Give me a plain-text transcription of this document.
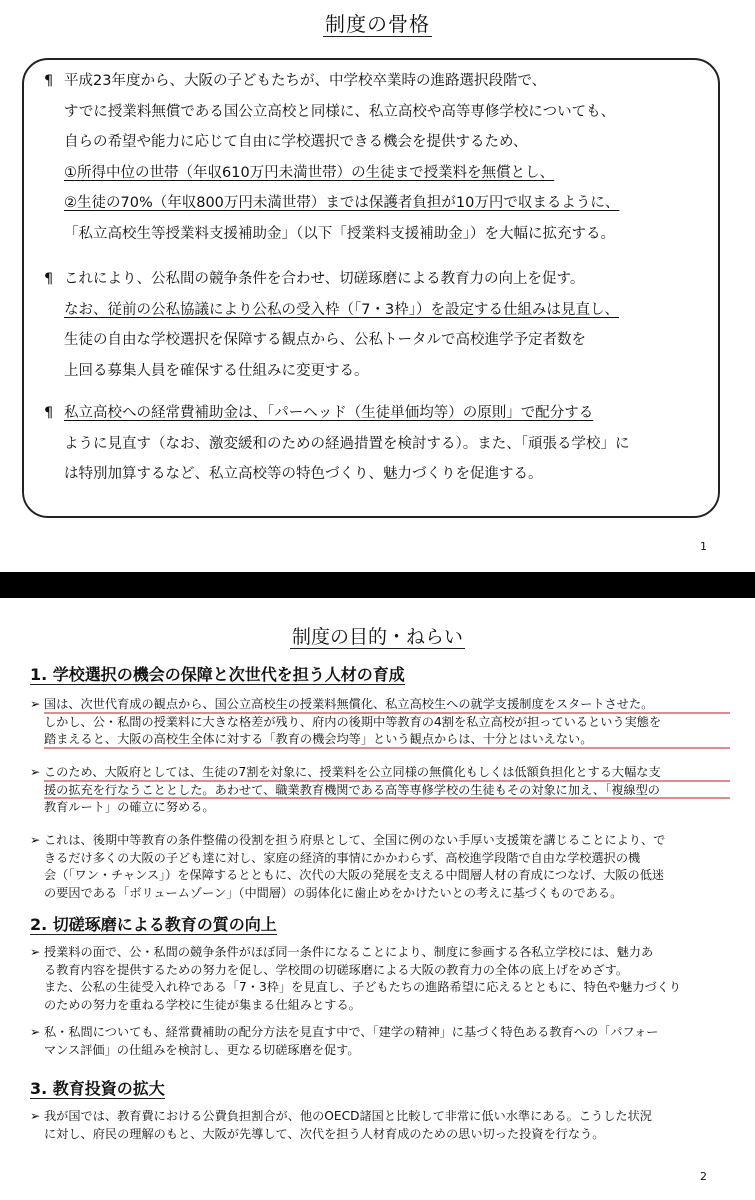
制度の骨格
¶ 平成23年度から、大阪の子どもたちが、中学校卒業時の進路選択段階で、
すでに授業料無償である国公立高校と同様に、私立高校や高等専修学校についても、
自らの希望や能力に応じて自由に学校選択できる機会を提供するため、
①所得中位の世帯（年収610万円未満世帯）の生徒まで授業料を無償とし、
②生徒の70%（年収800万円未満世帯）までは保護者負担が10万円で収まるように、
「私立高校生等授業料支援補助金」（以下「授業料支援補助金」）を大幅に拡充する。
¶ これにより、公私間の競争条件を合わせ、切磋琢磨による教育力の向上を促す。
なお、従前の公私協議により公私の受入枠（「7・3枠」）を設定する仕組みは見直し、
生徒の自由な学校選択を保障する観点から、公私トータルで高校進学予定者数を
上回る募集人員を確保する仕組みに変更する。
¶ 私立高校への経常費補助金は、「パーヘッド（生徒単価均等）の原則」で配分する
ように見直す（なお、激変緩和のための経過措置を検討する）。また、「頑張る学校」に
は特別加算するなど、私立高校等の特色づくり、魅力づくりを促進する。
1
制度の目的・ねらい
1. 学校選択の機会の保障と次世代を担う人材の育成
➢ 国は、次世代育成の観点から、国公立高校生の授業料無償化、私立高校生への就学支援制度をスタートさせた。
しかし、公・私間の授業料に大きな格差が残り、府内の後期中等教育の4割を私立高校が担っているという実態を
踏まえると、大阪の高校生全体に対する「教育の機会均等」という観点からは、十分とはいえない。
➢ このため、大阪府としては、生徒の7割を対象に、授業料を公立同様の無償化もしくは低額負担化とする大幅な支
援の拡充を行なうこととした。あわせて、職業教育機関である高等専修学校の生徒もその対象に加え、「複線型の
教育ルート」の確立に努める。
➢ これは、後期中等教育の条件整備の役割を担う府県として、全国に例のない手厚い支援策を講じることにより、で
きるだけ多くの大阪の子ども達に対し、家庭の経済的事情にかかわらず、高校進学段階で自由な学校選択の機
会（「ワン・チャンス」）を保障するとともに、次代の大阪の発展を支える中間層人材の育成につなげ、大阪の低迷
の要因である「ボリュームゾーン」（中間層）の弱体化に歯止めをかけたいとの考えに基づくものである。
2. 切磋琢磨による教育の質の向上
➢ 授業料の面で、公・私間の競争条件がほぼ同一条件になることにより、制度に参画する各私立学校には、魅力あ
る教育内容を提供するための努力を促し、学校間の切磋琢磨による大阪の教育力の全体の底上げをめざす。
また、公私の生徒受入れ枠である「7・3枠」を見直し、子どもたちの進路希望に応えるとともに、特色や魅力づくり
のための努力を重ねる学校に生徒が集まる仕組みとする。
➢ 私・私間についても、経常費補助の配分方法を見直す中で、「建学の精神」に基づく特色ある教育への「パフォー
マンス評価」の仕組みを検討し、更なる切磋琢磨を促す。
3. 教育投資の拡大
➢ 我が国では、教育費における公費負担割合が、他のOECD諸国と比較して非常に低い水準にある。こうした状況
に対し、府民の理解のもと、大阪が先導して、次代を担う人材育成のための思い切った投資を行なう。
2
